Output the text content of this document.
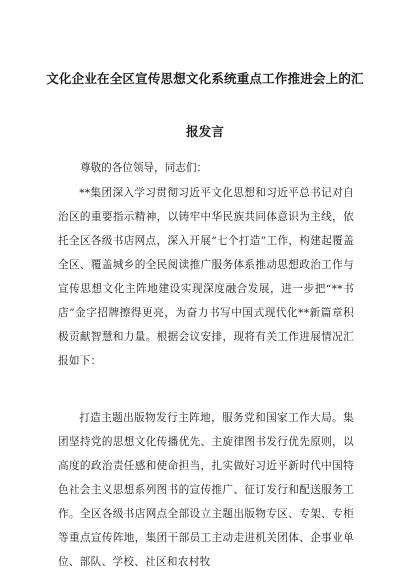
文化企业在全区宣传思想文化系统重点工作推进会上的汇
报发言
尊敬的各位领导，同志们：
**集团深入学习贯彻习近平文化思想和习近平总书记对自治区的重要指示精神，以铸牢中华民族共同体意识为主线，依托全区各级书店网点，深入开展“七个打造”工作，构建起覆盖全区、覆盖城乡的全民阅读推广服务体系推动思想政治工作与宣传思想文化主阵地建设实现深度融合发展，进一步把“**书店”金字招牌擦得更亮，为奋力书写中国式现代化**新篇章积极贡献智慧和力量。根据会议安排，现将有关工作进展情况汇报如下：
打造主题出版物发行主阵地，服务党和国家工作大局。集团坚持党的思想文化传播优先、主旋律图书发行优先原则，以高度的政治责任感和使命担当，扎实做好习近平新时代中国特色社会主义思想系列图书的宣传推广、征订发行和配送服务工作。全区各级书店网点全部设立主题出版物专区、专架、专柜等重点宣传阵地，集团干部员工主动走进机关团体、企事业单位、部队、学校、社区和农村牧
